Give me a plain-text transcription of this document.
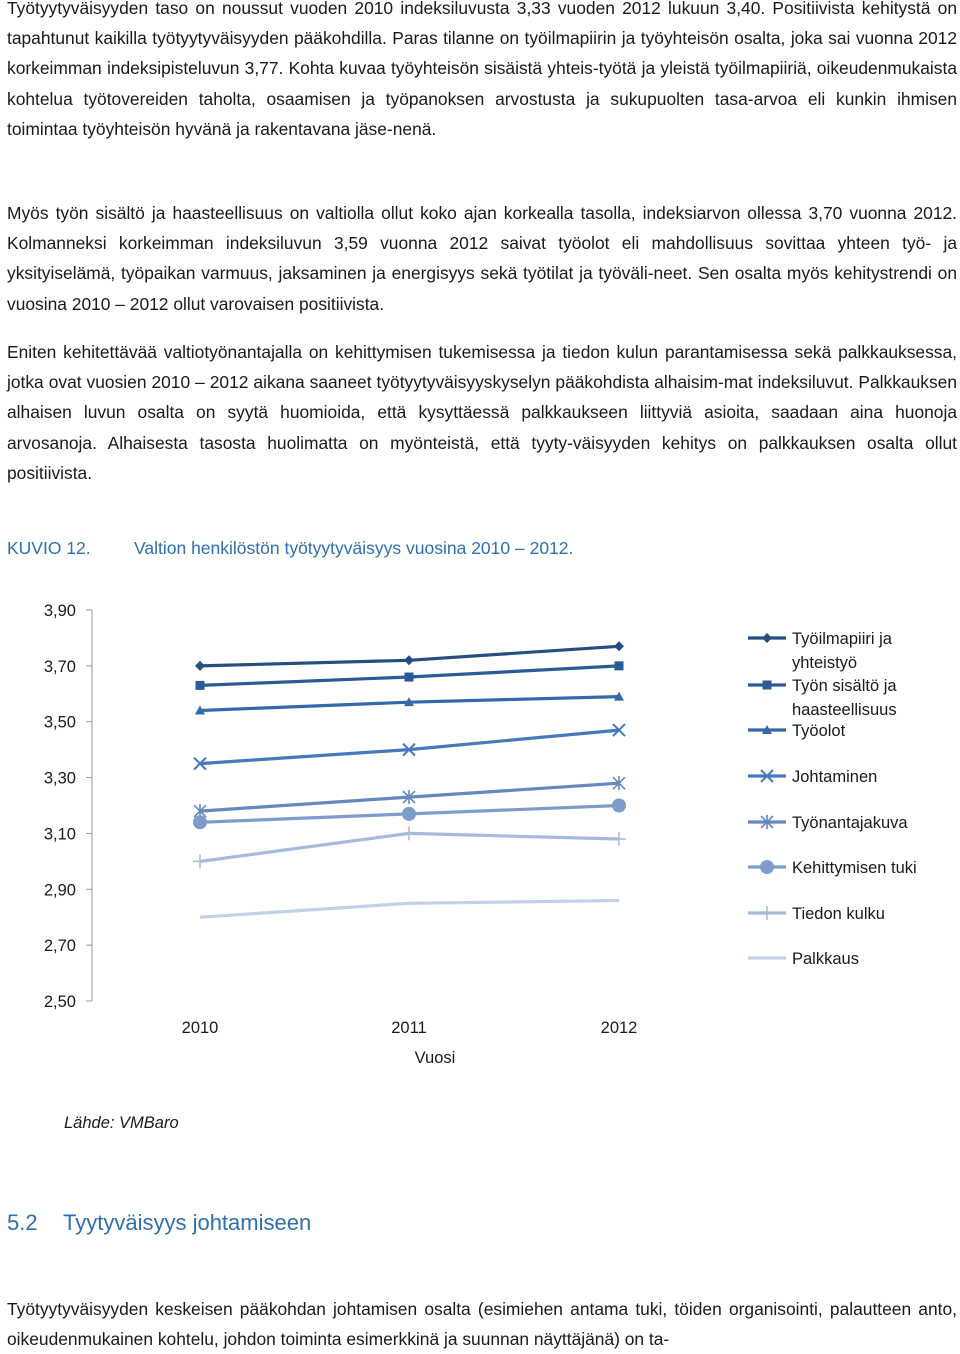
Työtyytyväisyyden taso on noussut vuoden 2010 indeksiluvusta 3,33 vuoden 2012 lukuun 3,40. Positiivista kehitystä on tapahtunut kaikilla työtyytyväisyyden pääkohdilla. Paras tilanne on työilmapiirin ja työyhteisön osalta, joka sai vuonna 2012 korkeimman indeksipisteluvun 3,77. Kohta kuvaa työyhteisön sisäistä yhteis-työtä ja yleistä työilmapiiriä, oikeudenmukaista kohtelua työtovereiden taholta, osaamisen ja työpanoksen arvostusta ja sukupuolten tasa-arvoa eli kunkin ihmisen toimintaa työyhteisön hyvänä ja rakentavana jäse-nenä.

Myös työn sisältö ja haasteellisuus on valtiolla ollut koko ajan korkealla tasolla, indeksiarvon ollessa 3,70 vuonna 2012. Kolmanneksi korkeimman indeksiluvun 3,59 vuonna 2012 saivat työolot eli mahdollisuus sovittaa yhteen työ- ja yksityiselämä, työpaikan varmuus, jaksaminen ja energisyys sekä työtilat ja työväli-neet. Sen osalta myös kehitystrendi on vuosina 2010 – 2012 ollut varovaisen positiivista.

Eniten kehitettävää valtiotyönantajalla on kehittymisen tukemisessa ja tiedon kulun parantamisessa sekä palkkauksessa, jotka ovat vuosien 2010 – 2012 aikana saaneet työtyytyväisyyskyselyn pääkohdista alhaisim-mat indeksiluvut. Palkkauksen alhaisen luvun osalta on syytä huomioida, että kysyttäessä palkkaukseen liittyviä asioita, saadaan aina huonoja arvosanoja. Alhaisesta tasosta huolimatta on myönteistä, että tyyty-väisyyden kehitys on palkkauksen osalta ollut positiivista.

KUVIO 12. Valtion henkilöstön työtyytyväisyys vuosina 2010 – 2012.
3,90
3,70
3,50
3,30
3,10
2,90
2,70
2,50
2010	2011	2012
Vuosi
Työilmapiiri ja yhteistyö
Työn sisältö ja haasteellisuus
Työolot
Johtaminen
Työnantajakuva
Kehittymisen tuki
Tiedon kulku
Palkkaus
Lähde: VMBaro
5.2 Tyytyväisyys johtamiseen

Työtyytyväisyyden keskeisen pääkohdan johtamisen osalta (esimiehen antama tuki, töiden organisointi, palautteen anto, oikeudenmukainen kohtelu, johdon toiminta esimerkkinä ja suunnan näyttäjänä) on ta-
